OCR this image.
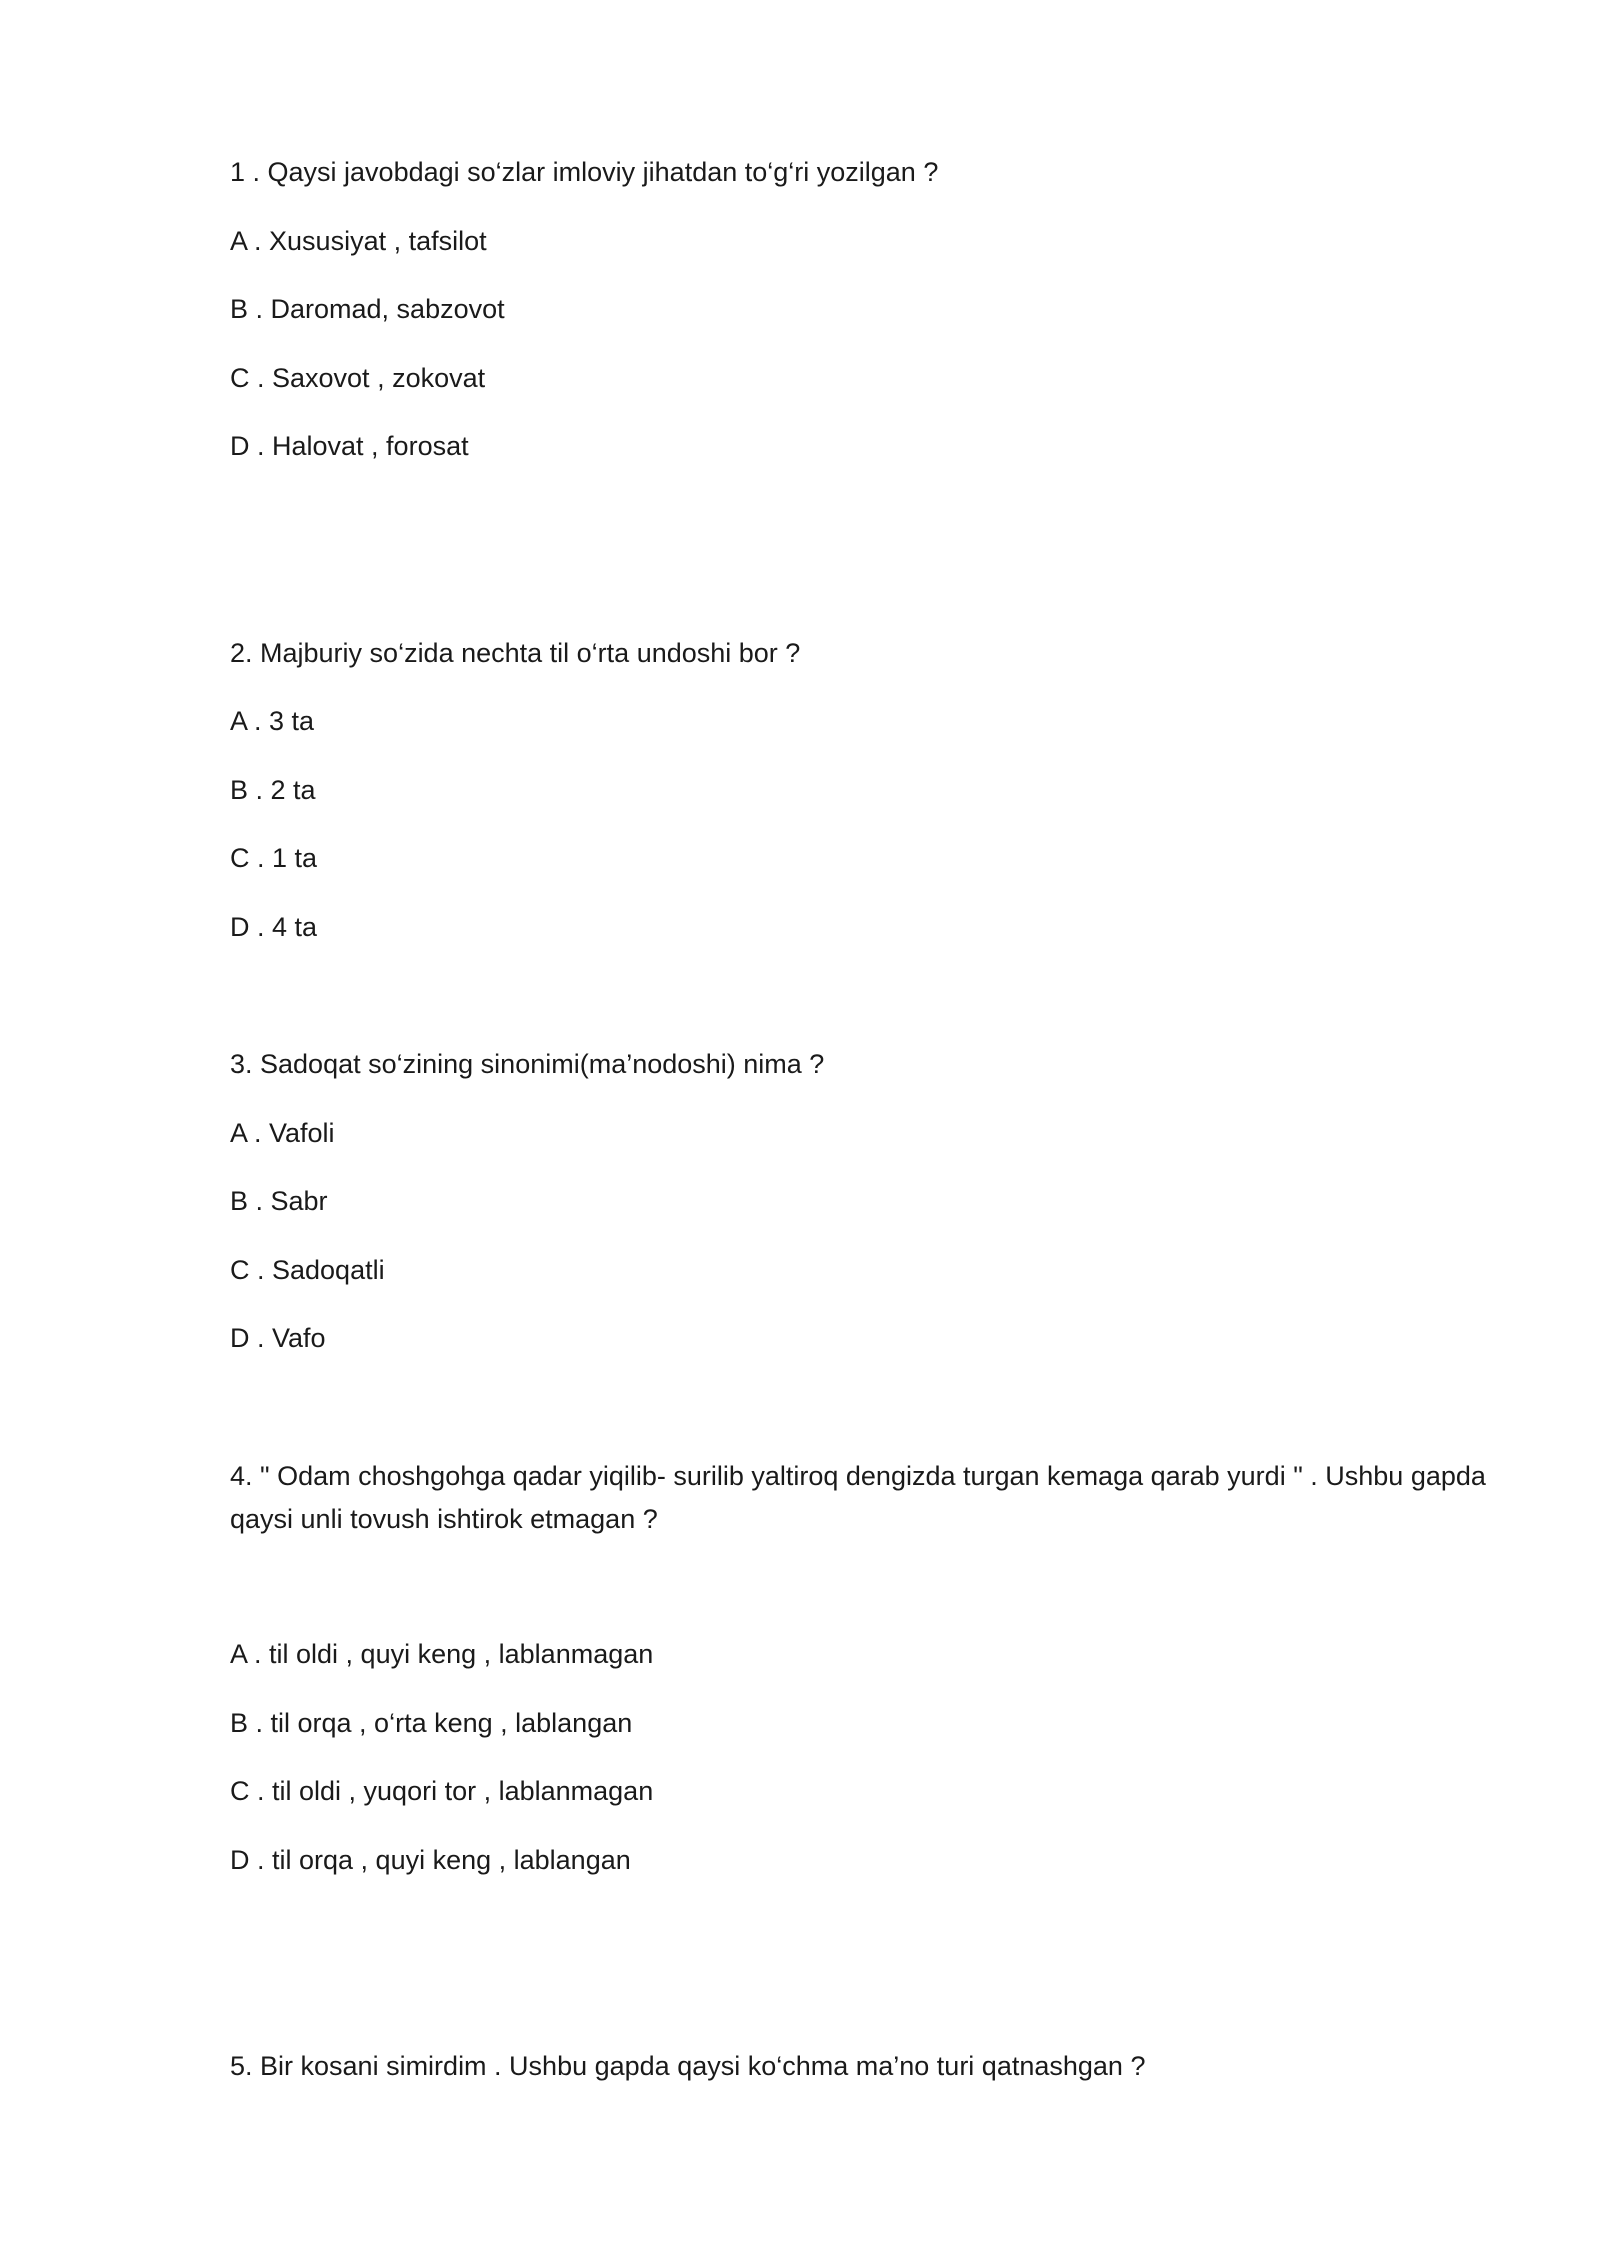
1 . Qaysi javobdagi so‘zlar imloviy jihatdan to‘g‘ri yozilgan ?
A . Xususiyat , tafsilot
B . Daromad, sabzovot
C . Saxovot , zokovat
D . Halovat , forosat
2. Majburiy so‘zida nechta til o‘rta undoshi bor ?
A . 3 ta
B . 2 ta
C . 1 ta
D . 4 ta
3. Sadoqat so‘zining sinonimi(ma’nodoshi) nima ?
A . Vafoli
B . Sabr
C . Sadoqatli
D . Vafo
4. " Odam choshgohga qadar yiqilib- surilib yaltiroq dengizda turgan kemaga qarab yurdi " . Ushbu gapda
qaysi unli tovush ishtirok etmagan ?
A . til oldi , quyi keng , lablanmagan
B . til orqa , o‘rta keng , lablangan
C . til oldi , yuqori tor , lablanmagan
D . til orqa , quyi keng , lablangan
5. Bir kosani simirdim . Ushbu gapda qaysi ko‘chma ma’no turi qatnashgan ?
